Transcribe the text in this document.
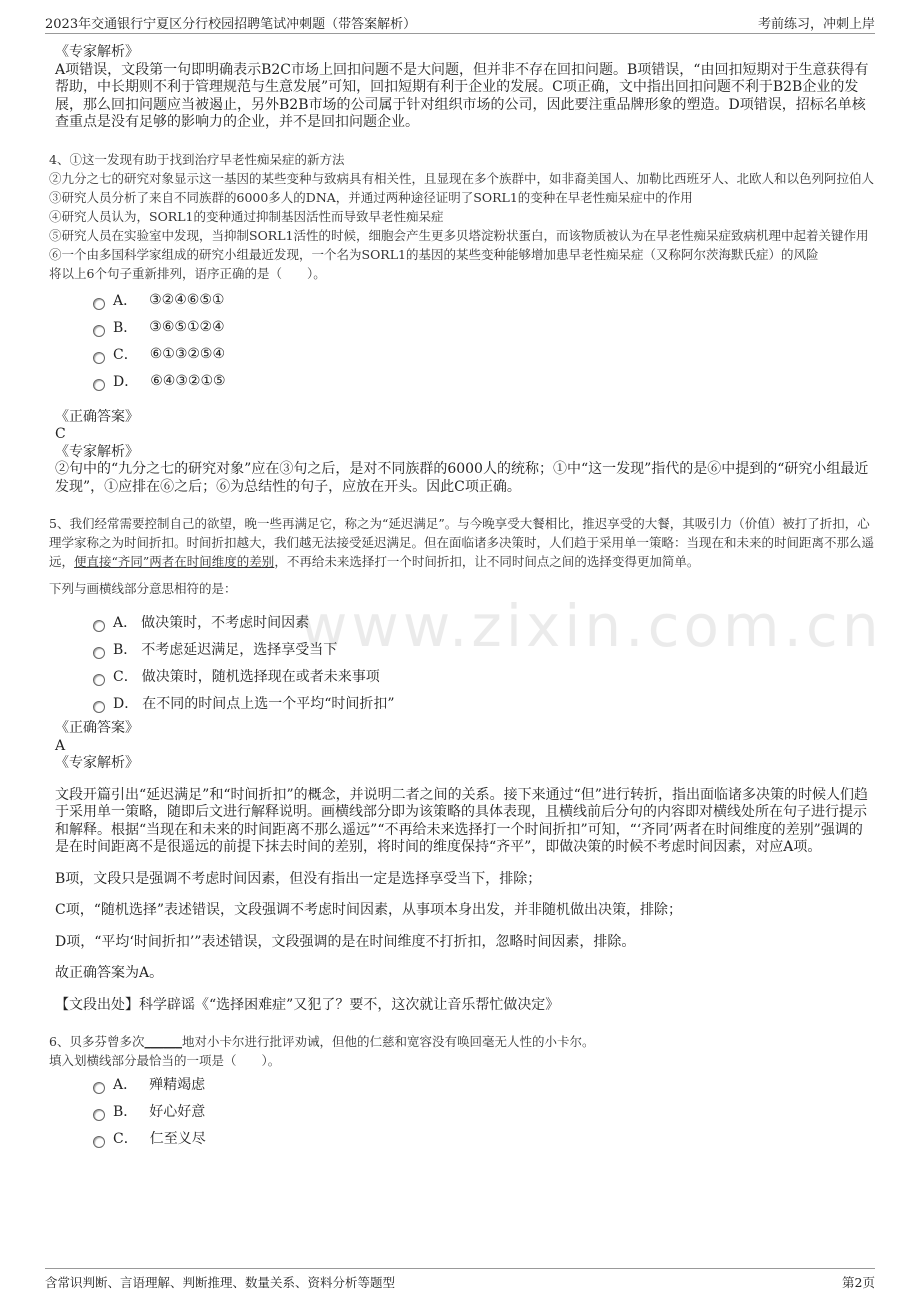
2023年交通银行宁夏区分行校园招聘笔试冲刺题（带答案解析）	考前练习，冲刺上岸
www.zixin.com.cn
《专家解析》
A项错误，文段第一句即明确表示B2C市场上回扣问题不是大问题，但并非不存在回扣问题。B项错误，“由回扣短期对于生意获得有帮助，中长期则不利于管理规范与生意发展”可知，回扣短期有利于企业的发展。C项正确，文中指出回扣问题不利于B2B企业的发展，那么回扣问题应当被遏止，另外B2B市场的公司属于针对组织市场的公司，因此要注重品牌形象的塑造。D项错误，招标名单核查重点是没有足够的影响力的企业，并不是回扣问题企业。
4、①这一发现有助于找到治疗早老性痴呆症的新方法
②九分之七的研究对象显示这一基因的某些变种与致病具有相关性，且显现在多个族群中，如非裔美国人、加勒比西班牙人、北欧人和以色列阿拉伯人
③研究人员分析了来自不同族群的6000多人的DNA，并通过两种途径证明了SORL1的变种在早老性痴呆症中的作用
④研究人员认为，SORL1的变种通过抑制基因活性而导致早老性痴呆症
⑤研究人员在实验室中发现，当抑制SORL1活性的时候，细胞会产生更多贝塔淀粉状蛋白，而该物质被认为在早老性痴呆症致病机理中起着关键作用
⑥一个由多国科学家组成的研究小组最近发现，一个名为SORL1的基因的某些变种能够增加患早老性痴呆症（又称阿尔茨海默氏症）的风险
将以上6个句子重新排列，语序正确的是（　　）。
A． ③②④⑥⑤①
B． ③⑥⑤①②④
C． ⑥①③②⑤④
D． ⑥④③②①⑤
《正确答案》
C
《专家解析》
②句中的“九分之七的研究对象”应在③句之后，是对不同族群的6000人的统称；①中“这一发现”指代的是⑥中提到的“研究小组最近发现”，①应排在⑥之后；⑥为总结性的句子，应放在开头。因此C项正确。
5、我们经常需要控制自己的欲望，晚一些再满足它，称之为“延迟满足”。与今晚享受大餐相比，推迟享受的大餐，其吸引力（价值）被打了折扣，心理学家称之为时间折扣。时间折扣越大，我们越无法接受延迟满足。但在面临诸多决策时，人们趋于采用单一策略：当现在和未来的时间距离不那么遥远，便直接“齐同”两者在时间维度的差别，不再给未来选择打一个时间折扣，让不同时间点之间的选择变得更加简单。
下列与画横线部分意思相符的是：
A． 做决策时，不考虑时间因素
B． 不考虑延迟满足，选择享受当下
C． 做决策时，随机选择现在或者未来事项
D． 在不同的时间点上选一个平均“时间折扣”
《正确答案》
A
《专家解析》
文段开篇引出“延迟满足”和“时间折扣”的概念，并说明二者之间的关系。接下来通过“但”进行转折，指出面临诸多决策的时候人们趋于采用单一策略，随即后文进行解释说明。画横线部分即为该策略的具体表现，且横线前后分句的内容即对横线处所在句子进行提示和解释。根据“当现在和未来的时间距离不那么遥远”“不再给未来选择打一个时间折扣”可知，“‘齐同’两者在时间维度的差别”强调的是在时间距离不是很遥远的前提下抹去时间的差别，将时间的维度保持“齐平”，即做决策的时候不考虑时间因素，对应A项。
B项，文段只是强调不考虑时间因素，但没有指出一定是选择享受当下，排除；
C项，“随机选择”表述错误，文段强调不考虑时间因素，从事项本身出发，并非随机做出决策，排除；
D项，“平均‘时间折扣’”表述错误，文段强调的是在时间维度不打折扣，忽略时间因素，排除。
故正确答案为A。
【文段出处】科学辟谣《“选择困难症”又犯了？要不，这次就让音乐帮忙做决定》
6、贝多芬曾多次______地对小卡尔进行批评劝诫，但他的仁慈和宽容没有唤回毫无人性的小卡尔。
填入划横线部分最恰当的一项是（　　）。
A． 殚精竭虑
B． 好心好意
C． 仁至义尽
含常识判断、言语理解、判断推理、数量关系、资料分析等题型	第2页
